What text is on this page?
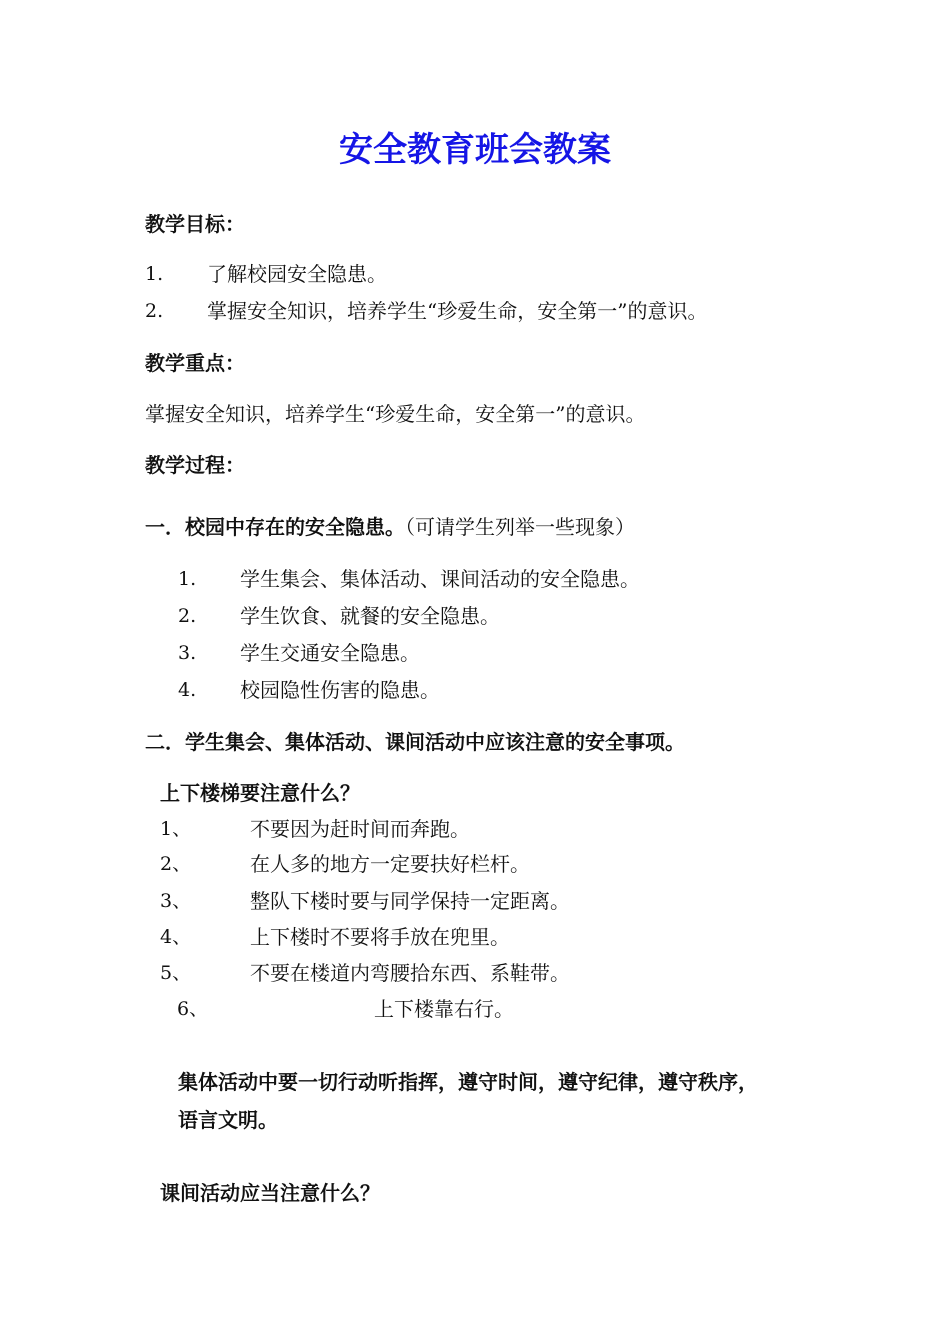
安全教育班会教案
教学目标：
1. 了解校园安全隐患。
2. 掌握安全知识，培养学生“珍爱生命，安全第一”的意识。
教学重点：
掌握安全知识，培养学生“珍爱生命，安全第一”的意识。
教学过程：
一．校园中存在的安全隐患。（可请学生列举一些现象）
1. 学生集会、集体活动、课间活动的安全隐患。
2. 学生饮食、就餐的安全隐患。
3. 学生交通安全隐患。
4. 校园隐性伤害的隐患。
二．学生集会、集体活动、课间活动中应该注意的安全事项。
上下楼梯要注意什么？
1、	不要因为赶时间而奔跑。
2、	在人多的地方一定要扶好栏杆。
3、	整队下楼时要与同学保持一定距离。
4、	上下楼时不要将手放在兜里。
5、	不要在楼道内弯腰拾东西、系鞋带。
6、	上下楼靠右行。
集体活动中要一切行动听指挥，遵守时间，遵守纪律，遵守秩序，
语言文明。
课间活动应当注意什么？
